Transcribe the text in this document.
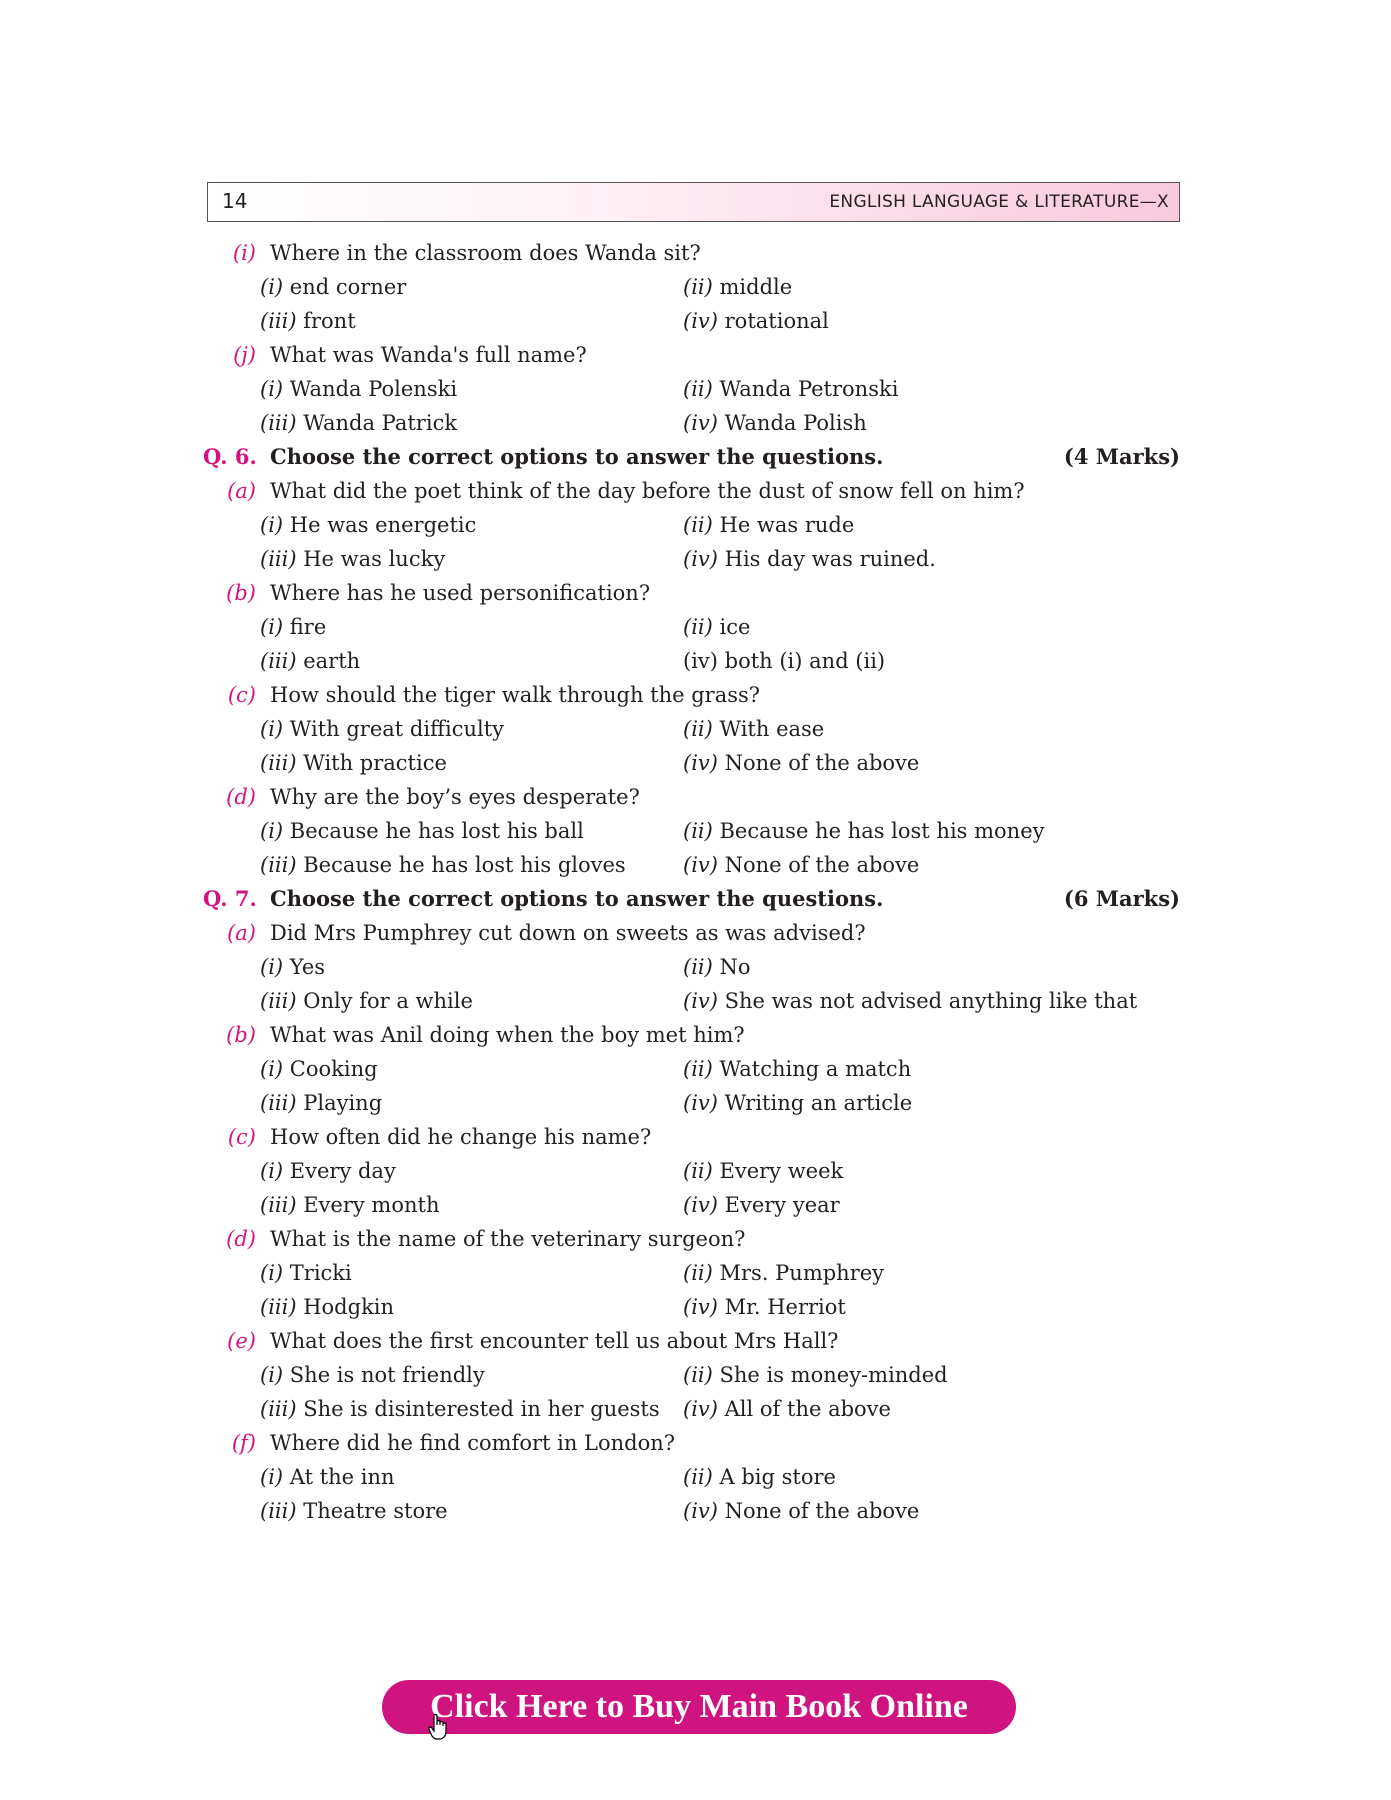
14	ENGLISH LANGUAGE & LITERATURE—X
(i) Where in the classroom does Wanda sit?
(i) end corner	(ii) middle
(iii) front	(iv) rotational
(j) What was Wanda's full name?
(i) Wanda Polenski	(ii) Wanda Petronski
(iii) Wanda Patrick	(iv) Wanda Polish
Q. 6. Choose the correct options to answer the questions.	(4 Marks)
(a) What did the poet think of the day before the dust of snow fell on him?
(i) He was energetic	(ii) He was rude
(iii) He was lucky	(iv) His day was ruined.
(b) Where has he used personification?
(i) fire	(ii) ice
(iii) earth	(iv) both (i) and (ii)
(c) How should the tiger walk through the grass?
(i) With great difficulty	(ii) With ease
(iii) With practice	(iv) None of the above
(d) Why are the boy’s eyes desperate?
(i) Because he has lost his ball	(ii) Because he has lost his money
(iii) Because he has lost his gloves	(iv) None of the above
Q. 7. Choose the correct options to answer the questions.	(6 Marks)
(a) Did Mrs Pumphrey cut down on sweets as was advised?
(i) Yes	(ii) No
(iii) Only for a while	(iv) She was not advised anything like that
(b) What was Anil doing when the boy met him?
(i) Cooking	(ii) Watching a match
(iii) Playing	(iv) Writing an article
(c) How often did he change his name?
(i) Every day	(ii) Every week
(iii) Every month	(iv) Every year
(d) What is the name of the veterinary surgeon?
(i) Tricki	(ii) Mrs. Pumphrey
(iii) Hodgkin	(iv) Mr. Herriot
(e) What does the first encounter tell us about Mrs Hall?
(i) She is not friendly	(ii) She is money-minded
(iii) She is disinterested in her guests (iv) All of the above
(f) Where did he find comfort in London?
(i) At the inn	(ii) A big store
(iii) Theatre store	(iv) None of the above
Click Here to Buy Main Book Online
